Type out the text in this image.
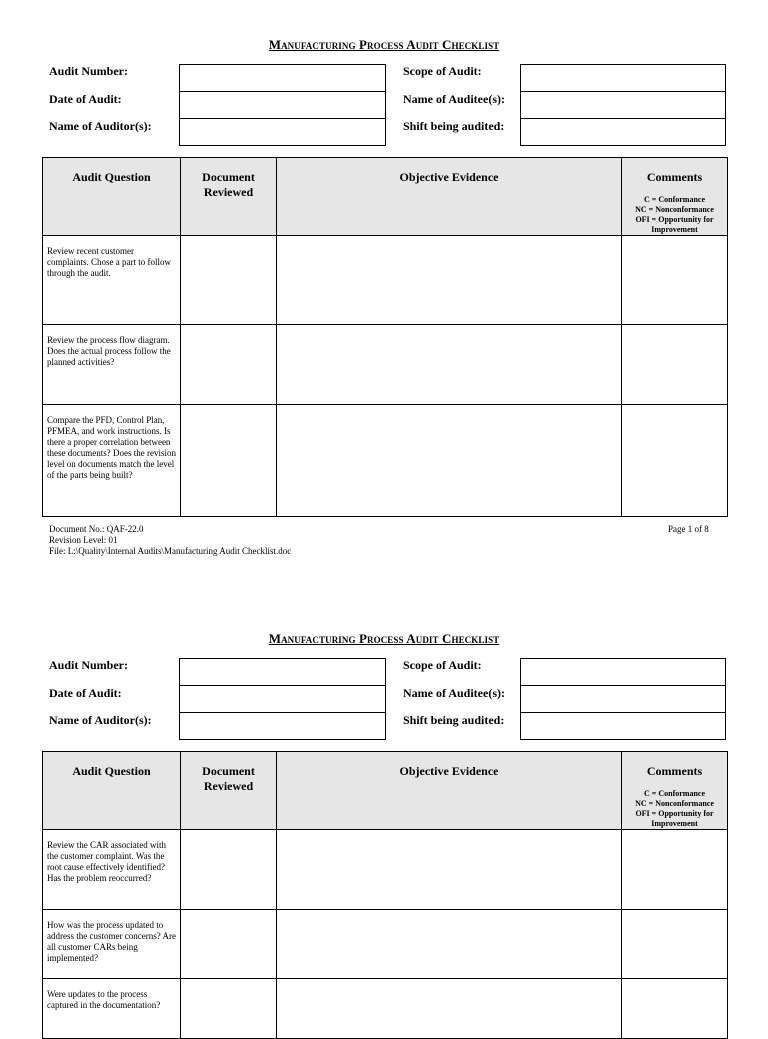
Manufacturing Process Audit Checklist
Audit Number:
Date of Audit:
Name of Auditor(s):
Scope of Audit:
Name of Auditee(s):
Shift being audited:
Audit Question	Document Reviewed	Objective Evidence	Comments
C = Conformance
NC = Nonconformance
OFI = Opportunity for
Improvement

Review recent customer complaints. Chose a part to follow through the audit.			
Review the process flow diagram. Does the actual process follow the planned activities?			
Compare the PFD, Control Plan, PFMEA, and work instructions. Is there a proper correlation between these documents? Does the revision level on documents match the level of the parts being built?			
Document No.: QAF-22.0
Revision Level: 01
File: L:\Quality\Internal Audits\Manufacturing Audit Checklist.doc
Page 1 of 8
Manufacturing Process Audit Checklist
Audit Number:
Date of Audit:
Name of Auditor(s):
Scope of Audit:
Name of Auditee(s):
Shift being audited:
Audit Question	Document Reviewed	Objective Evidence	Comments
C = Conformance
NC = Nonconformance
OFI = Opportunity for
Improvement

Review the CAR associated with the customer complaint. Was the root cause effectively identified? Has the problem reoccurred?			
How was the process updated to address the customer concerns? Are all customer CARs being implemented?			
Were updates to the process captured in the documentation?			
